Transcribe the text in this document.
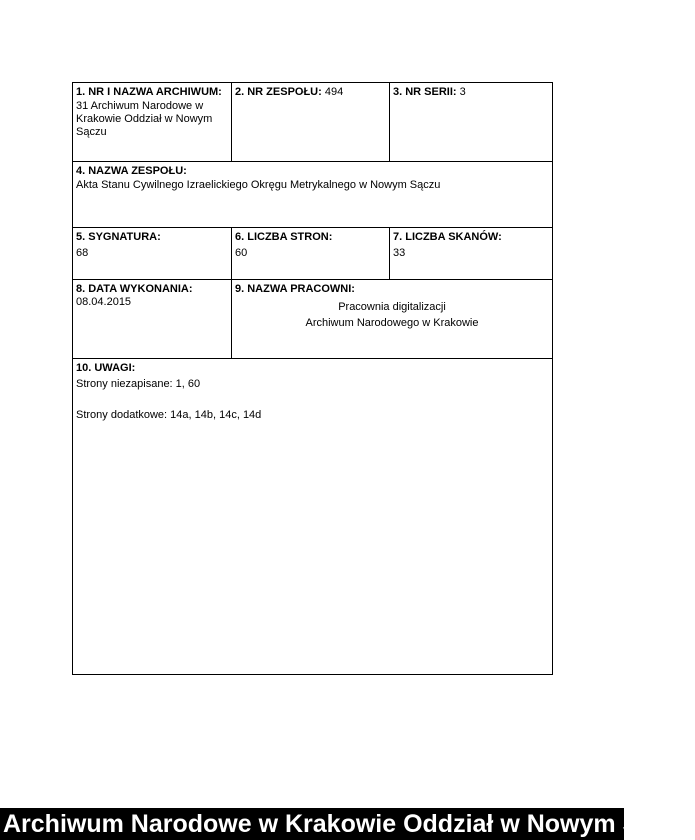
1. NR I NAZWA ARCHIWUM:
31 Archiwum Narodowe w Krakowie Oddział w Nowym Sączu
2. NR ZESPOŁU: 494	3. NR SERII: 3
4. NAZWA ZESPOŁU:
Akta Stanu Cywilnego Izraelickiego Okręgu Metrykalnego w Nowym Sączu
5. SYGNATURA:
68
6. LICZBA STRON:
60
7. LICZBA SKANÓW:
33
8. DATA WYKONANIA:
08.04.2015
9. NAZWA PRACOWNI:
Pracownia digitalizacji
Archiwum Narodowego w Krakowie
10. UWAGI:
Strony niezapisane: 1, 60
Strony dodatkowe: 14a, 14b, 14c, 14d
Archiwum Narodowe w Krakowie Oddział w Nowym Sączu
